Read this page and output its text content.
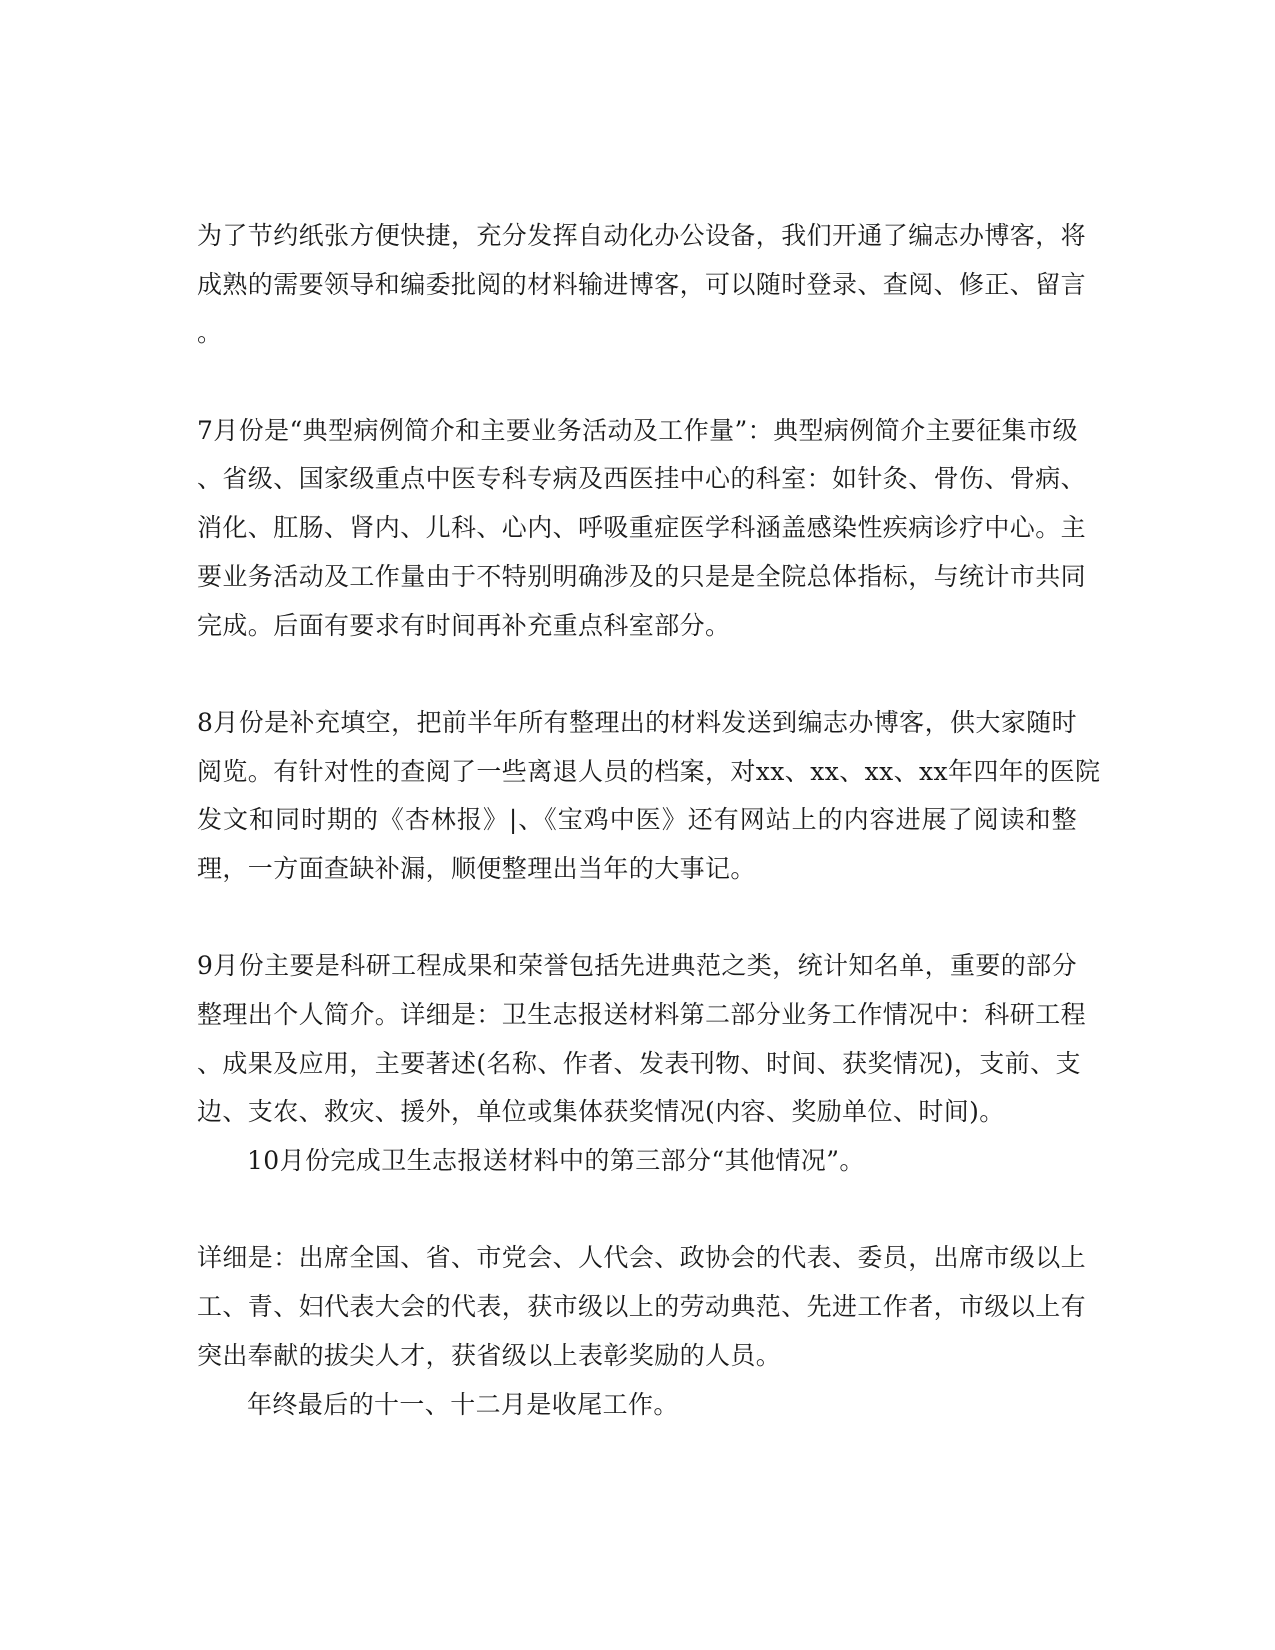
为了节约纸张方便快捷，充分发挥自动化办公设备，我们开通了编志办博客，将
成熟的需要领导和编委批阅的材料输进博客，可以随时登录、查阅、修正、留言
。
7月份是“典型病例简介和主要业务活动及工作量”：典型病例简介主要征集市级
、省级、国家级重点中医专科专病及西医挂中心的科室：如针灸、骨伤、骨病、
消化、肛肠、肾内、儿科、心内、呼吸重症医学科涵盖感染性疾病诊疗中心。主
要业务活动及工作量由于不特别明确涉及的只是是全院总体指标，与统计市共同
完成。后面有要求有时间再补充重点科室部分。
8月份是补充填空，把前半年所有整理出的材料发送到编志办博客，供大家随时
阅览。有针对性的查阅了一些离退人员的档案，对xx、xx、xx、xx年四年的医院
发文和同时期的《杏林报》|、《宝鸡中医》还有网站上的内容进展了阅读和整
理，一方面查缺补漏，顺便整理出当年的大事记。
9月份主要是科研工程成果和荣誉包括先进典范之类，统计知名单，重要的部分
整理出个人简介。详细是：卫生志报送材料第二部分业务工作情况中：科研工程
、成果及应用，主要著述(名称、作者、发表刊物、时间、获奖情况)，支前、支
边、支农、救灾、援外，单位或集体获奖情况(内容、奖励单位、时间)。
10月份完成卫生志报送材料中的第三部分“其他情况”。
详细是：出席全国、省、市党会、人代会、政协会的代表、委员，出席市级以上
工、青、妇代表大会的代表，获市级以上的劳动典范、先进工作者，市级以上有
突出奉献的拔尖人才，获省级以上表彰奖励的人员。
年终最后的十一、十二月是收尾工作。
